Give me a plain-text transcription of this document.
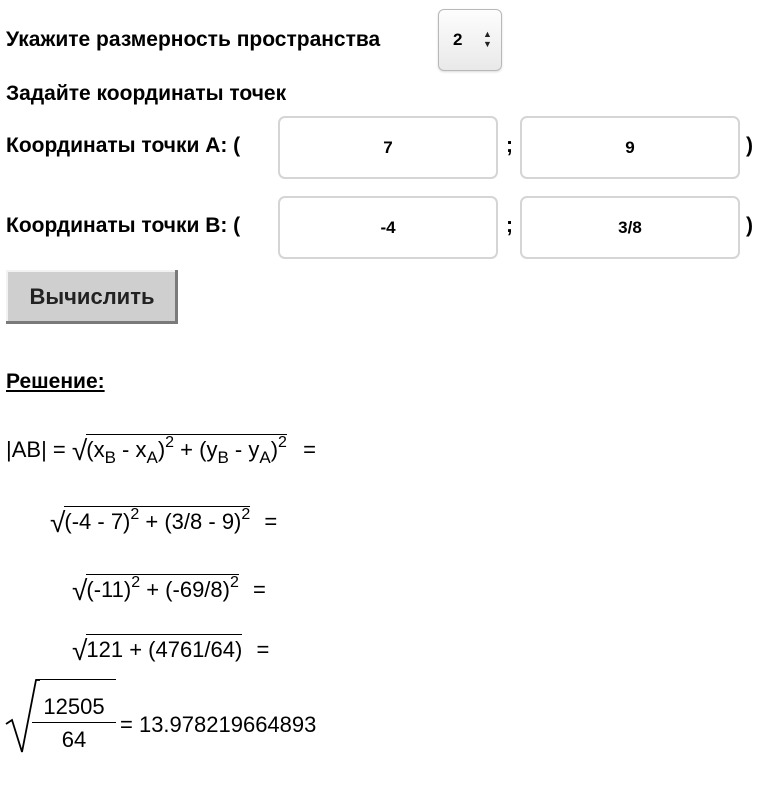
Укажите размерность пространства	2 ▲
▼
Задайте координаты точек
Координаты точки A: (
7	;
9	)
Координаты точки B: (
-4	;
3/8	)
Вычислить
Решение:
$|AB| = √(x_B - x_A)^2 + (y_B - y_A)^2$ =
√(-4 - 7)$^2$ + (3/8 - 9)$^2$ =
$√(-11)^2 + (-69/8)^2$ =
√121 + (4761/64) =
$\frac{12505}{64} = 13.978219664893$
